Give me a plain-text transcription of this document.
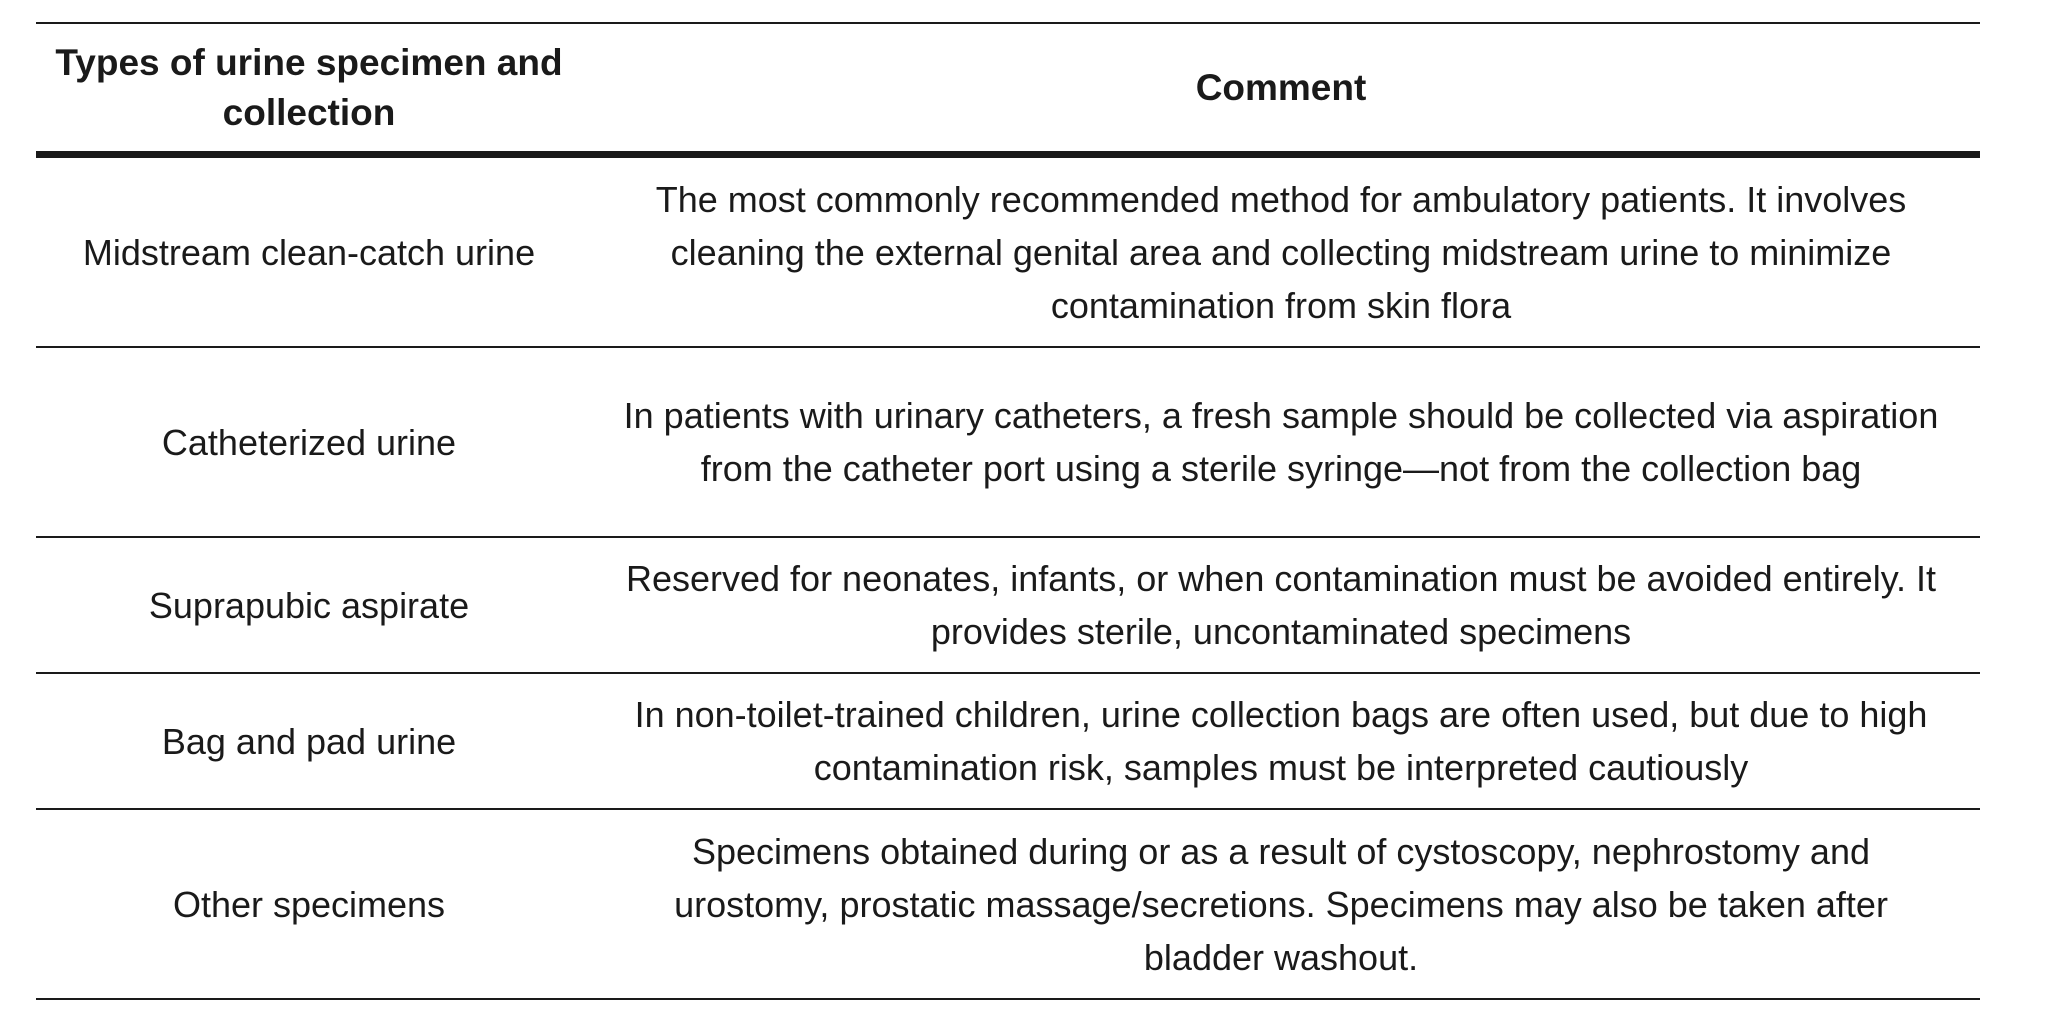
Types of urine specimen and collection
Comment
Midstream clean-catch urine
The most commonly recommended method for ambulatory patients. It involves cleaning the external genital area and collecting midstream urine to minimize contamination from skin flora
Catheterized urine
In patients with urinary catheters, a fresh sample should be collected via aspiration from the catheter port using a sterile syringe—not from the collection bag
Suprapubic aspirate
Reserved for neonates, infants, or when contamination must be avoided entirely. It provides sterile, uncontaminated specimens
Bag and pad urine
In non-toilet-trained children, urine collection bags are often used, but due to high contamination risk, samples must be interpreted cautiously
Other specimens
Specimens obtained during or as a result of cystoscopy, nephrostomy and urostomy, prostatic massage/secretions. Specimens may also be taken after bladder washout.
